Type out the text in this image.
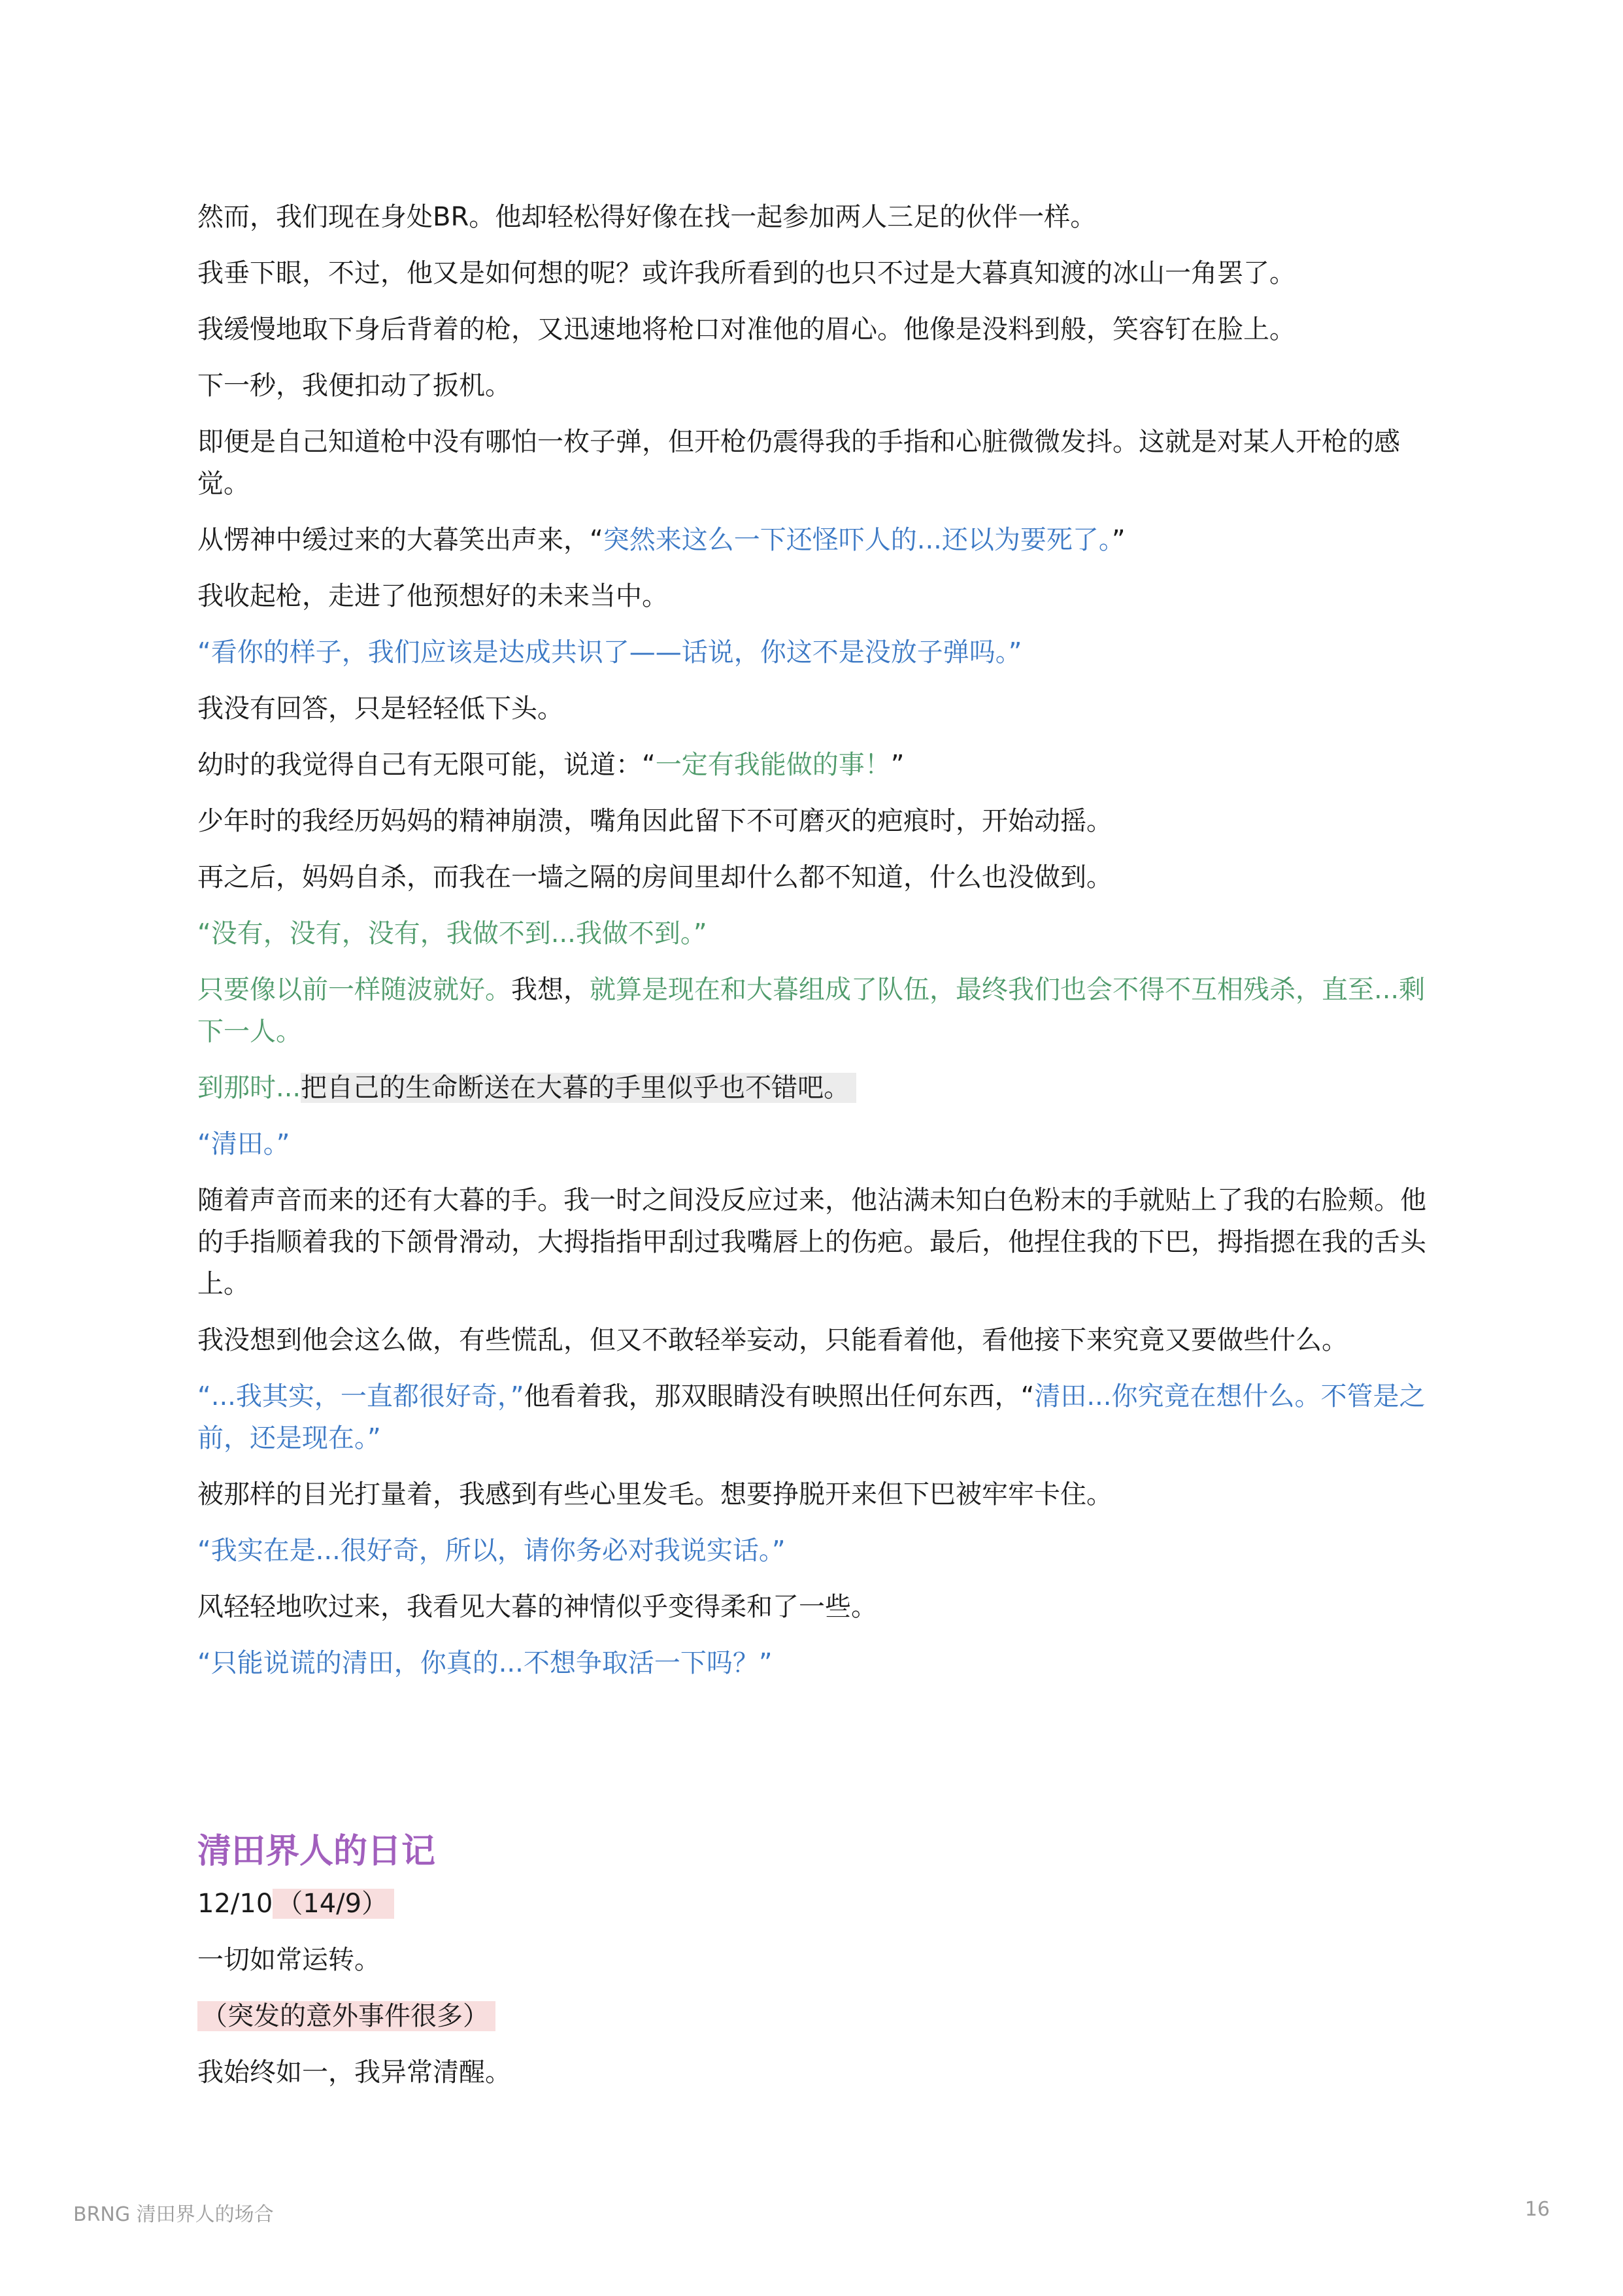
然而，我们现在身处BR。他却轻松得好像在找一起参加两人三足的伙伴一样。
我垂下眼，不过，他又是如何想的呢？或许我所看到的也只不过是大暮真知渡的冰山一角罢了。
我缓慢地取下身后背着的枪，又迅速地将枪口对准他的眉心。他像是没料到般，笑容钉在脸上。
下一秒，我便扣动了扳机。
即便是自己知道枪中没有哪怕一枚子弹，但开枪仍震得我的手指和心脏微微发抖。这就是对某人开枪的感觉。
从愣神中缓过来的大暮笑出声来，“突然来这么一下还怪吓人的...还以为要死了。”
我收起枪，走进了他预想好的未来当中。
“看你的样子，我们应该是达成共识了——话说，你这不是没放子弹吗。”
我没有回答，只是轻轻低下头。
幼时的我觉得自己有无限可能，说道：“一定有我能做的事！”
少年时的我经历妈妈的精神崩溃，嘴角因此留下不可磨灭的疤痕时，开始动摇。
再之后，妈妈自杀，而我在一墙之隔的房间里却什么都不知道，什么也没做到。
“没有，没有，没有，我做不到...我做不到。”
只要像以前一样随波就好。我想，就算是现在和大暮组成了队伍，最终我们也会不得不互相残杀，直至...剩下一人。
到那时...把自己的生命断送在大暮的手里似乎也不错吧。
“清田。”
随着声音而来的还有大暮的手。我一时之间没反应过来，他沾满未知白色粉末的手就贴上了我的右脸颊。他的手指顺着我的下颌骨滑动，大拇指指甲刮过我嘴唇上的伤疤。最后，他捏住我的下巴，拇指摁在我的舌头上。
我没想到他会这么做，有些慌乱，但又不敢轻举妄动，只能看着他，看他接下来究竟又要做些什么。
“...我其实，一直都很好奇，”他看着我，那双眼睛没有映照出任何东西，“清田...你究竟在想什么。不管是之前，还是现在。”
被那样的目光打量着，我感到有些心里发毛。想要挣脱开来但下巴被牢牢卡住。
“我实在是...很好奇，所以，请你务必对我说实话。”
风轻轻地吹过来，我看见大暮的神情似乎变得柔和了一些。
“只能说谎的清田，你真的...不想争取活一下吗？”
清田界人的日记
12/10 （14/9）
一切如常运转。
（突发的意外事件很多）
我始终如一，我异常清醒。
BRNG 清田界人的场合	16
